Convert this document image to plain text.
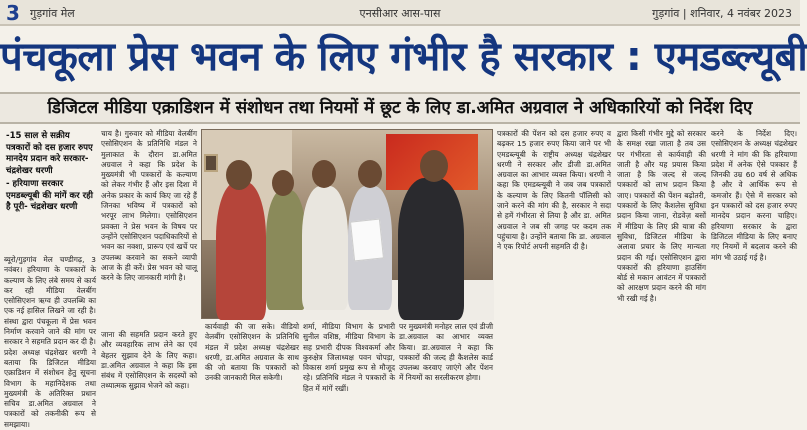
3 गुड़गांव मेल	एनसीआर आस-पास	गुड़गांव | शनिवार, 4 नवंबर 2023
पंचकूला प्रेस भवन के लिए गंभीर है सरकार : एमडब्ल्यूबी
डिजिटल मीडिया एक्राडिशन में संशोधन तथा नियमों में छूट के लिए डा.अमित अग्रवाल ने अधिकारियों को निर्देश दिए

-15 साल से सक्रीय पत्रकारों को दस हजार रुपए मानदेय प्रदान करे सरकार- चंद्रशेखर धरणी

- हरियाणा सरकार एमडब्ल्यूबी की मांगें कर रही है पूरी- चंद्रशेखर धरणी

ब्यूरो/गुड़गांव मेल चण्डीगढ़, 3 नवंबर। हरियाणा के पत्रकारों के कल्याण के लिए लंबे समय से कार्य कर रही मीडिया वेलबींग एसोसिएशन ऋग्व ही उपलब्धि का एक नई हासिल लिखने जा रही है। संस्था द्वारा पंचकूला में प्रेस भवन निर्माण करवाने जाने की मांग पर सरकार ने सहमति प्रदान कर दी है। प्रदेश अध्यक्ष चंद्रशेखर धरणी ने बताया कि डिजिटल मीडिया एक्राडिशन में संशोधन हेतु सूचना विभाग के महानिदेशक तथा मुख्यमंत्री के अतिरिक्त प्रधान सचिव डा.अमित अग्रवाल ने पत्रकारों को तकनीकी रूप से समझाया।
चाय है। गुरुवार को मीडिया वेलबींग एसोसिएशन के प्रतिनिधि मंडल ने मुलाकात के दौरान डा.अमित अग्रवाल ने कहा कि प्रदेश के मुख्यमंत्री भी पत्रकारों के कल्याण को लेकर गंभीर हैं और इस दिशा में अनेक प्रकार के कार्य किए जा रहे हैं जिनका भविष्य में पत्रकारों को भरपूर लाभ मिलेगा। एसोसिएशन प्रवक्ता ने प्रेस भवन के विषय पर उन्होंने एसोसिएशन पदाधिकारियों से भवन का नक्शा, प्रारूप एवं खर्चे पर उपलब्ध करवाने का सकने व्यापी आज के ही करें। प्रेस भवन को चालू करने के लिए जानकारी मांगी है।
जाना की सहमति प्रदान करते हुए और व्यवहारिक लाभ लेने का एवं बेहतर सुझाव देने के लिए कहा। डा.अमित अग्रवाल ने कहा कि इस संबंध में एसोसिएशन के सदस्यों को तथ्यात्मक सुझाव भेजने को कहा।
कार्यवाही की जा सके। वीडियो वेलबींग एसोसिएशन के प्रतिनिधि मंडल में प्रदेश अध्यक्ष चंद्रशेखर धरणी, डा.अमित अग्रवाल के साथ की जो बताया कि पत्रकारों को उनकी जानकारी मिल सकेगी।
शर्मा, मीडिया विभाग के प्रभारी सुनील वशिष्ठ, मीडिया विभाग के सह प्रभारी दीपक विश्वकर्मा और कुरुक्षेत्र जिलाध्यक्ष पवन चोपड़ा, विकास शर्मा प्रमुख रूप से मौजूद रहे। प्रतिनिधि मंडल ने पत्रकारों के हित में मांगें रखीं।
पर मुख्यमंत्री मनोहर लाल एवं डीजी डा.अग्रवाल का आभार व्यक्त किया। डा.अग्रवाल ने कहा कि पत्रकारों की जल्द ही कैशलेस कार्ड उपलब्ध करवाए जाएंगे और पेंशन में नियमों का सरलीकरण होगा।
पत्रकारों की पेंशन को दस हजार रुपए व बढ़कर 15 हजार रुपए किया जाने पर भी एमडब्ल्यूबी के राष्ट्रीय अध्यक्ष चंद्रशेखर धरणी ने सरकार और डीजी डा.अमित अग्रवाल का आभार व्यक्त किया। धरणी ने कहा कि एमडब्ल्यूबी ने जब जब पत्रकारों के कल्याण के लिए कितनी पॉलिसी को जाने करने की मांग की है, सरकार ने सदा से हमें गंभीरता से लिया है और डा. अमित अग्रवाल ने जब सी जगह पर कदम तक पहुंचाया है। उन्होंने बताया कि डा. अग्रवाल ने एक रिपोर्ट अपनी सहमति दी है।
द्वारा किसी गंभीर मुद्दे को सरकार के समक्ष रखा जाता है तब उस पर गंभीरता से कार्यवाही की जाती है और यह प्रयास किया जाता है कि जल्द से जल्द पत्रकारों को लाभ प्रदान किया जाए। पत्रकारों की पेंशन बढ़ोतरी, पत्रकारों के लिए कैशलेस सुविधा प्रदान किया जाना, रोडवेज़ बसों में मीडिया के लिए फ्री यात्रा की सुविधा, डिजिटल मीडिया के अलावा प्रचार के लिए मान्यता प्रदान की गई। एसोसिएशन द्वारा पत्रकारों की हरियाणा हाउसिंग बोर्ड से मकान आवंटन में पत्रकारों को आरक्षण प्रदान करने की मांग भी रखी गई है।
करने के निर्देश दिए। एसोसिएशन के अध्यक्ष चंद्रशेखर धरणी ने मांग की कि हरियाणा प्रदेश में अनेक ऐसे पत्रकार हैं जिनकी उम्र 60 वर्ष से अधिक है और वे आर्थिक रूप से कमजोर हैं। ऐसे में सरकार को इन पत्रकारों को दस हजार रुपए मानदेय प्रदान करना चाहिए। हरियाणा सरकार के द्वारा डिजिटल मीडिया के लिए बनाए गए नियमों में बदलाव करने की मांग भी उठाई गई है।
